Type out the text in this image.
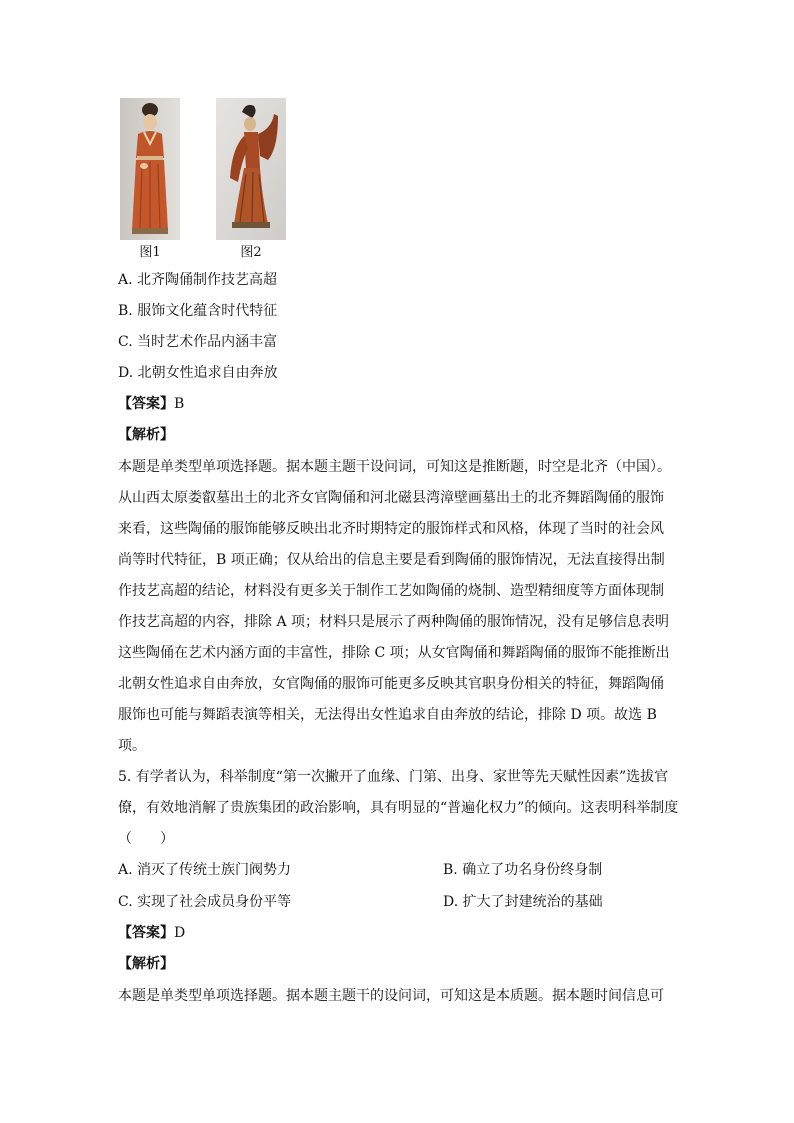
图1	图2
A. 北齐陶俑制作技艺高超
B. 服饰文化蕴含时代特征
C. 当时艺术作品内涵丰富
D. 北朝女性追求自由奔放
【答案】B
【解析】
本题是单类型单项选择题。据本题主题干设问词，可知这是推断题，时空是北齐（中国）。
从山西太原娄叡墓出土的北齐女官陶俑和河北磁县湾漳壁画墓出土的北齐舞蹈陶俑的服饰
来看，这些陶俑的服饰能够反映出北齐时期特定的服饰样式和风格，体现了当时的社会风
尚等时代特征，B 项正确；仅从给出的信息主要是看到陶俑的服饰情况，无法直接得出制
作技艺高超的结论，材料没有更多关于制作工艺如陶俑的烧制、造型精细度等方面体现制
作技艺高超的内容，排除 A 项；材料只是展示了两种陶俑的服饰情况，没有足够信息表明
这些陶俑在艺术内涵方面的丰富性，排除 C 项；从女官陶俑和舞蹈陶俑的服饰不能推断出
北朝女性追求自由奔放，女官陶俑的服饰可能更多反映其官职身份相关的特征，舞蹈陶俑
服饰也可能与舞蹈表演等相关，无法得出女性追求自由奔放的结论，排除 D 项。故选 B
项。
5. 有学者认为，科举制度“第一次撇开了血缘、门第、出身、家世等先天赋性因素”选拔官
僚，有效地消解了贵族集团的政治影响，具有明显的“普遍化权力”的倾向。这表明科举制度
（　　）
A. 消灭了传统士族门阀势力	B. 确立了功名身份终身制
C. 实现了社会成员身份平等	D. 扩大了封建统治的基础
【答案】D
【解析】
本题是单类型单项选择题。据本题主题干的设问词，可知这是本质题。据本题时间信息可
